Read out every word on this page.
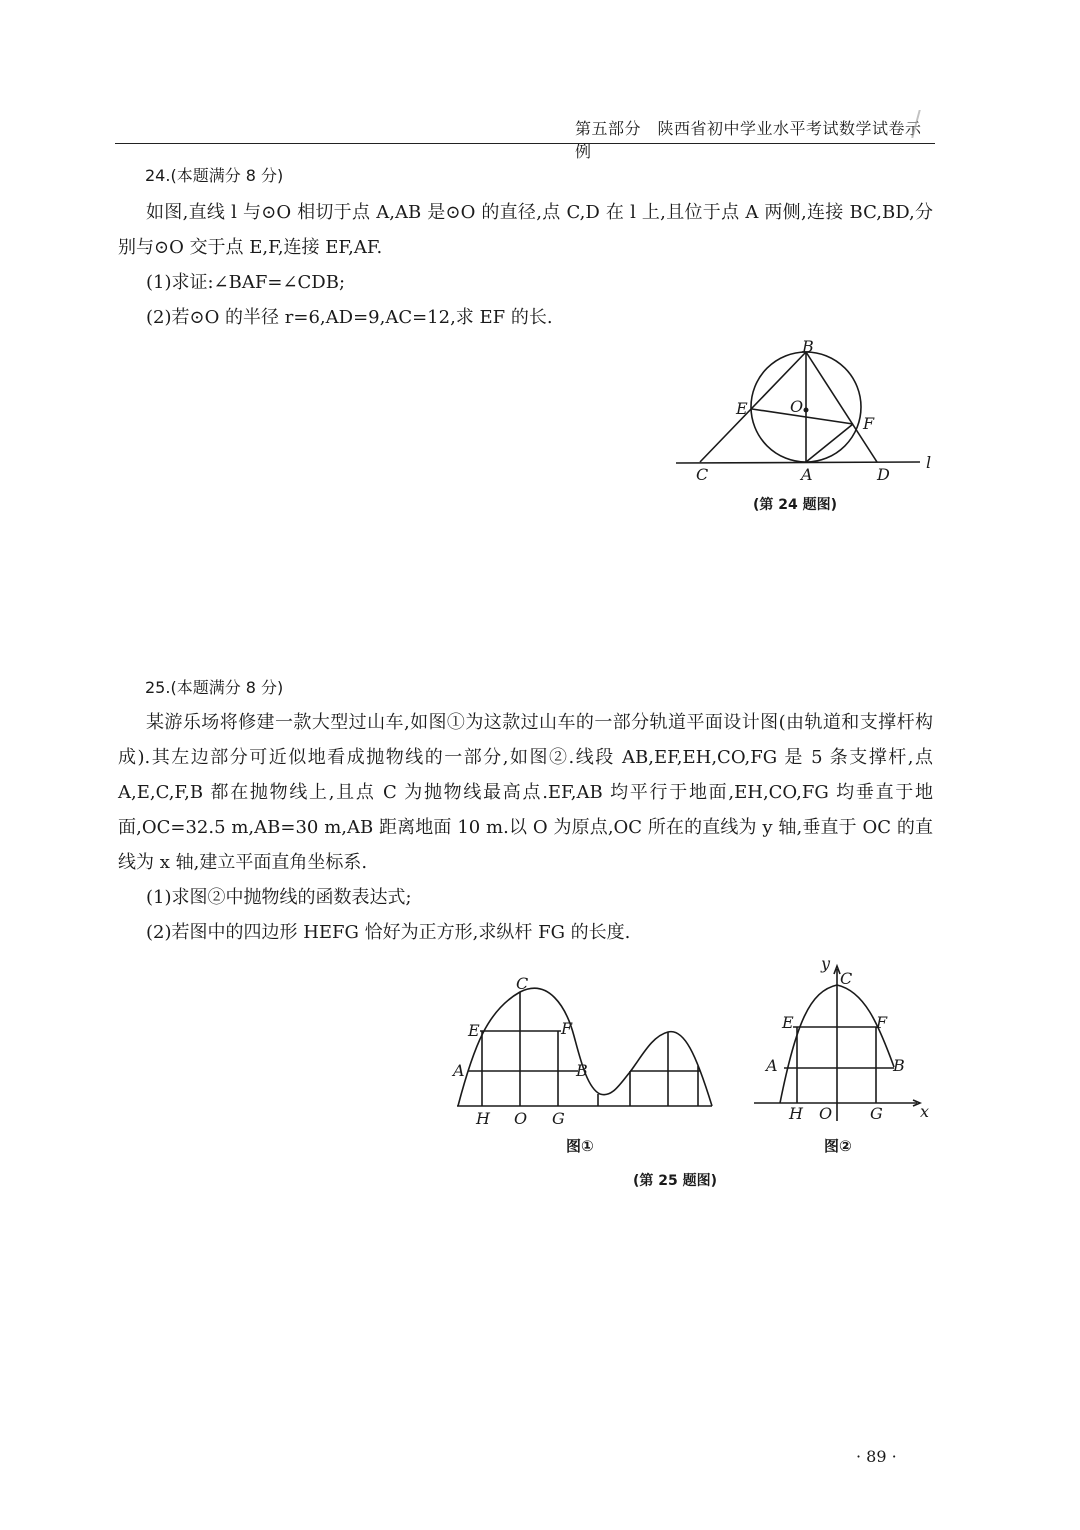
第五部分　陕西省初中学业水平考试数学试卷示例
24.(本题满分 8 分)

如图,直线 l 与⊙O 相切于点 A,AB 是⊙O 的直径,点 C,D 在 l 上,且位于点 A 两侧,连接 BC,BD,分别与⊙O 交于点 E,F,连接 EF,AF.

(1)求证:∠BAF=∠CDB;

(2)若⊙O 的半径 r=6,AD=9,AC=12,求 EF 的长.

B
O
E
F
C	A	D
l
(第 24 题图)
25.(本题满分 8 分)

某游乐场将修建一款大型过山车,如图①为这款过山车的一部分轨道平面设计图(由轨道和支撑杆构成).其左边部分可近似地看成抛物线的一部分,如图②.线段 AB,EF,EH,CO,FG 是 5 条支撑杆,点 A,E,C,F,B 都在抛物线上,且点 C 为抛物线最高点.EF,AB 均平行于地面,EH,CO,FG 均垂直于地面,OC=32.5 m,AB=30 m,AB 距离地面 10 m.以 O 为原点,OC 所在的直线为 y 轴,垂直于 OC 的直线为 x 轴,建立平面直角坐标系.

(1)求图②中抛物线的函数表达式;

(2)若图中的四边形 HEFG 恰好为正方形,求纵杆 FG 的长度.

C
E	F
A	B
H O G
图①
y
C
E	F
A	B
H O G x
图②
(第 25 题图)
· 89 ·
